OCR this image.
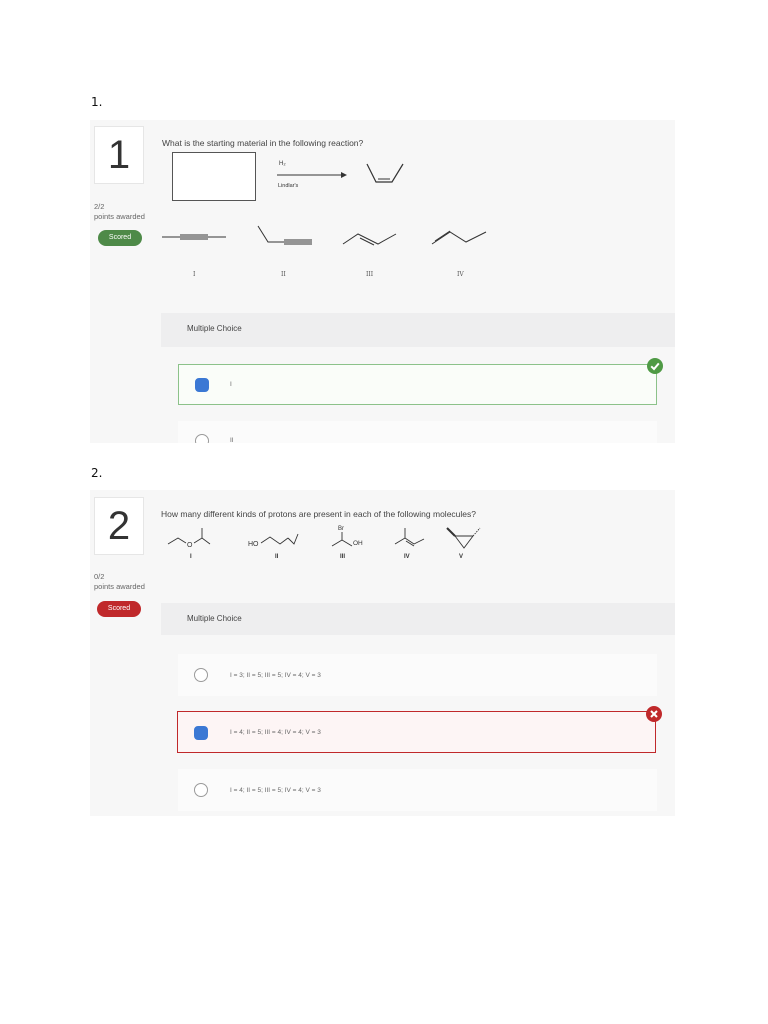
1.
1
2/2
points awarded
Scored
What is the starting material in the following reaction?
H₂
Lindlar's
I	II	III	IV
Multiple Choice
I
II
2.
2
0/2
points awarded
Scored
How many different kinds of protons are present in each of the following molecules?
O	HO
Br
OH
I	II	III	IV	V
Multiple Choice
I = 3; II = 5; III = 5; IV = 4; V = 3
I = 4; II = 5; III = 4; IV = 4; V = 3
I = 4; II = 5; III = 5; IV = 4; V = 3
